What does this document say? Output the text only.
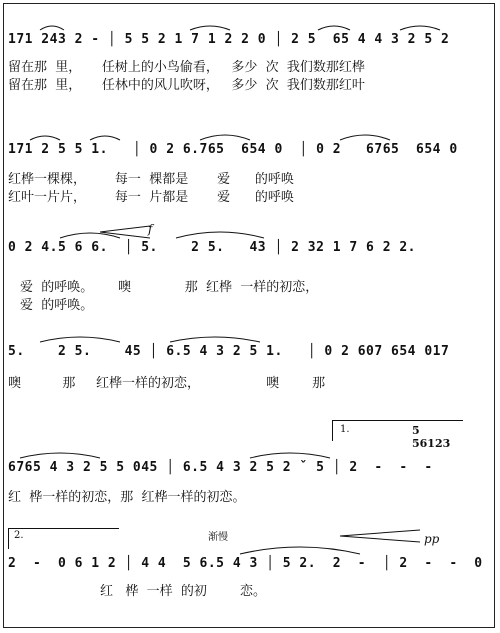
171 243 2 - │ 5 5 2 1 7 1 2 2 0 │ 2 5  65 4 4 3 2 5 2
留在那  里，     任树上的小鸟偷看，   多少  次  我们数那红桦
留在那  里，     任林中的风儿吹呀，   多少  次  我们数那红叶
171 2 5 5 1.   │ 0 2 6.765  654 0  │ 0 2   6765  654 0
红桦一棵棵，       每一  棵都是       爱      的呼唤
红叶一片片，       每一  片都是       爱      的呼唤
f
0 2 4.5 6 6.  │ 5.    2 5.   43 │ 2 32 1 7 6 2 2.
爱  的呼唤。      噢             那  红桦  一样的初恋，
爱  的呼唤。
5.    2 5.    45 │ 6.5 4 3 2 5 1.   │ 0 2 607 654 017
噢          那     红桦一样的初恋，                噢        那
1.	5
56123
6765 4 3 2 5 5 045 │ 6.5 4 3 2 5 2 ˇ 5 │ 2  -  -  -
红  桦一样的初恋，那  红桦一样的初恋。
2.	渐慢	pp
2  -  0 6 1 2 │ 4 4  5 6.5 4 3 │ 5 2.  2  -  │ 2  -  -  0
红   桦  一样  的初        恋。
